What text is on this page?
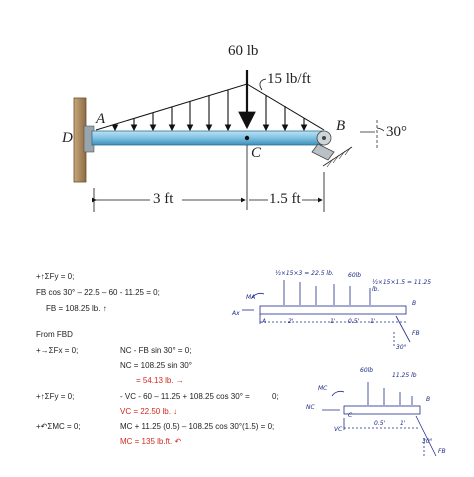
60 lb
15 lb/ft
A	B
C
D	30°
3 ft	1.5 ft
+↑ΣFy = 0;
FB cos 30° – 22.5 – 60 - 11.25 = 0;
FB = 108.25 lb. ↑
From FBD
+→ΣFx = 0;	NC - FB sin 30° = 0;
NC = 108.25 sin 30°
= 54.13 lb. →
+↑ΣFy = 0;	- VC - 60 – 11.25 + 108.25 cos 30° =	0;
VC = 22.50 lb. ↓
+↶ΣMC = 0;	MC + 11.25 (0.5) – 108.25 cos 30°(1.5) = 0;
MC = 135 lb.ft. ↶
½×15×3 = 22.5 lb. 60lb
½×15×1.5 = 11.25 lb.
MA
Ax
A
B
FB
30°
2'	1' 0.5' 1'
60lb
11.25 lb
MC
NC
VC
C
B
FB
30°
0.5' 1'
